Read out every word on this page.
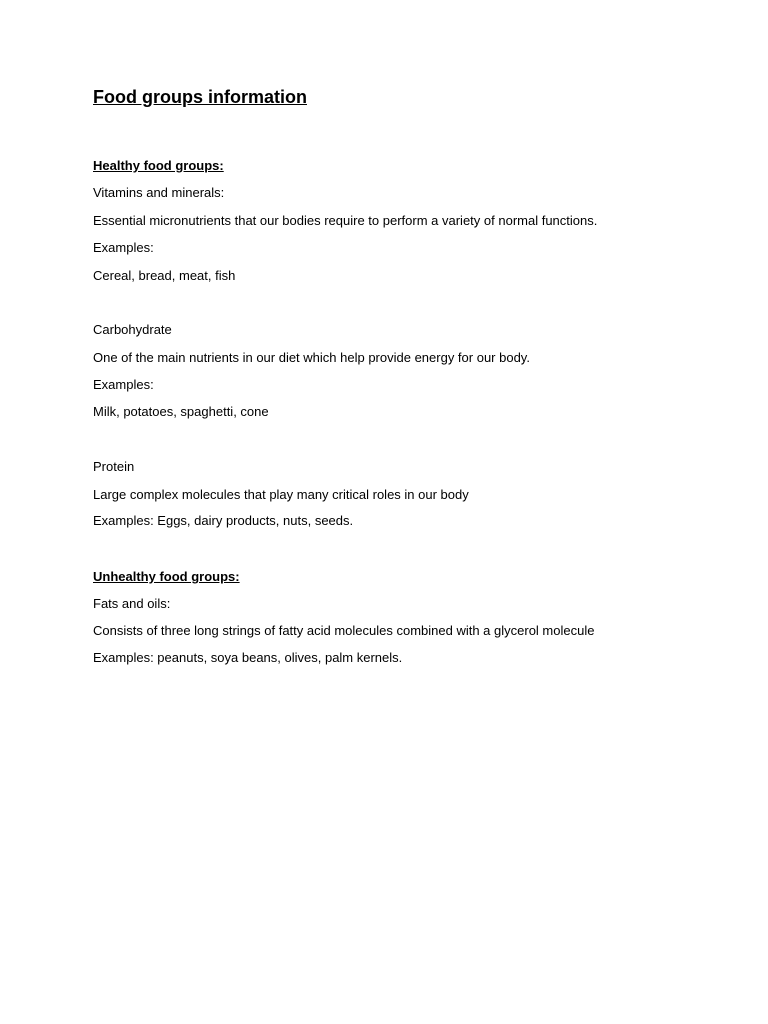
Food groups information
Healthy food groups:
Vitamins and minerals:
Essential micronutrients that our bodies require to perform a variety of normal functions.
Examples:
Cereal, bread, meat, fish
Carbohydrate
One of the main nutrients in our diet which help provide energy for our body.
Examples:
Milk, potatoes, spaghetti, cone
Protein
Large complex molecules that play many critical roles in our body
Examples: Eggs, dairy products, nuts, seeds.
Unhealthy food groups:
Fats and oils:
Consists of three long strings of fatty acid molecules combined with a glycerol molecule
Examples: peanuts, soya beans, olives, palm kernels.
